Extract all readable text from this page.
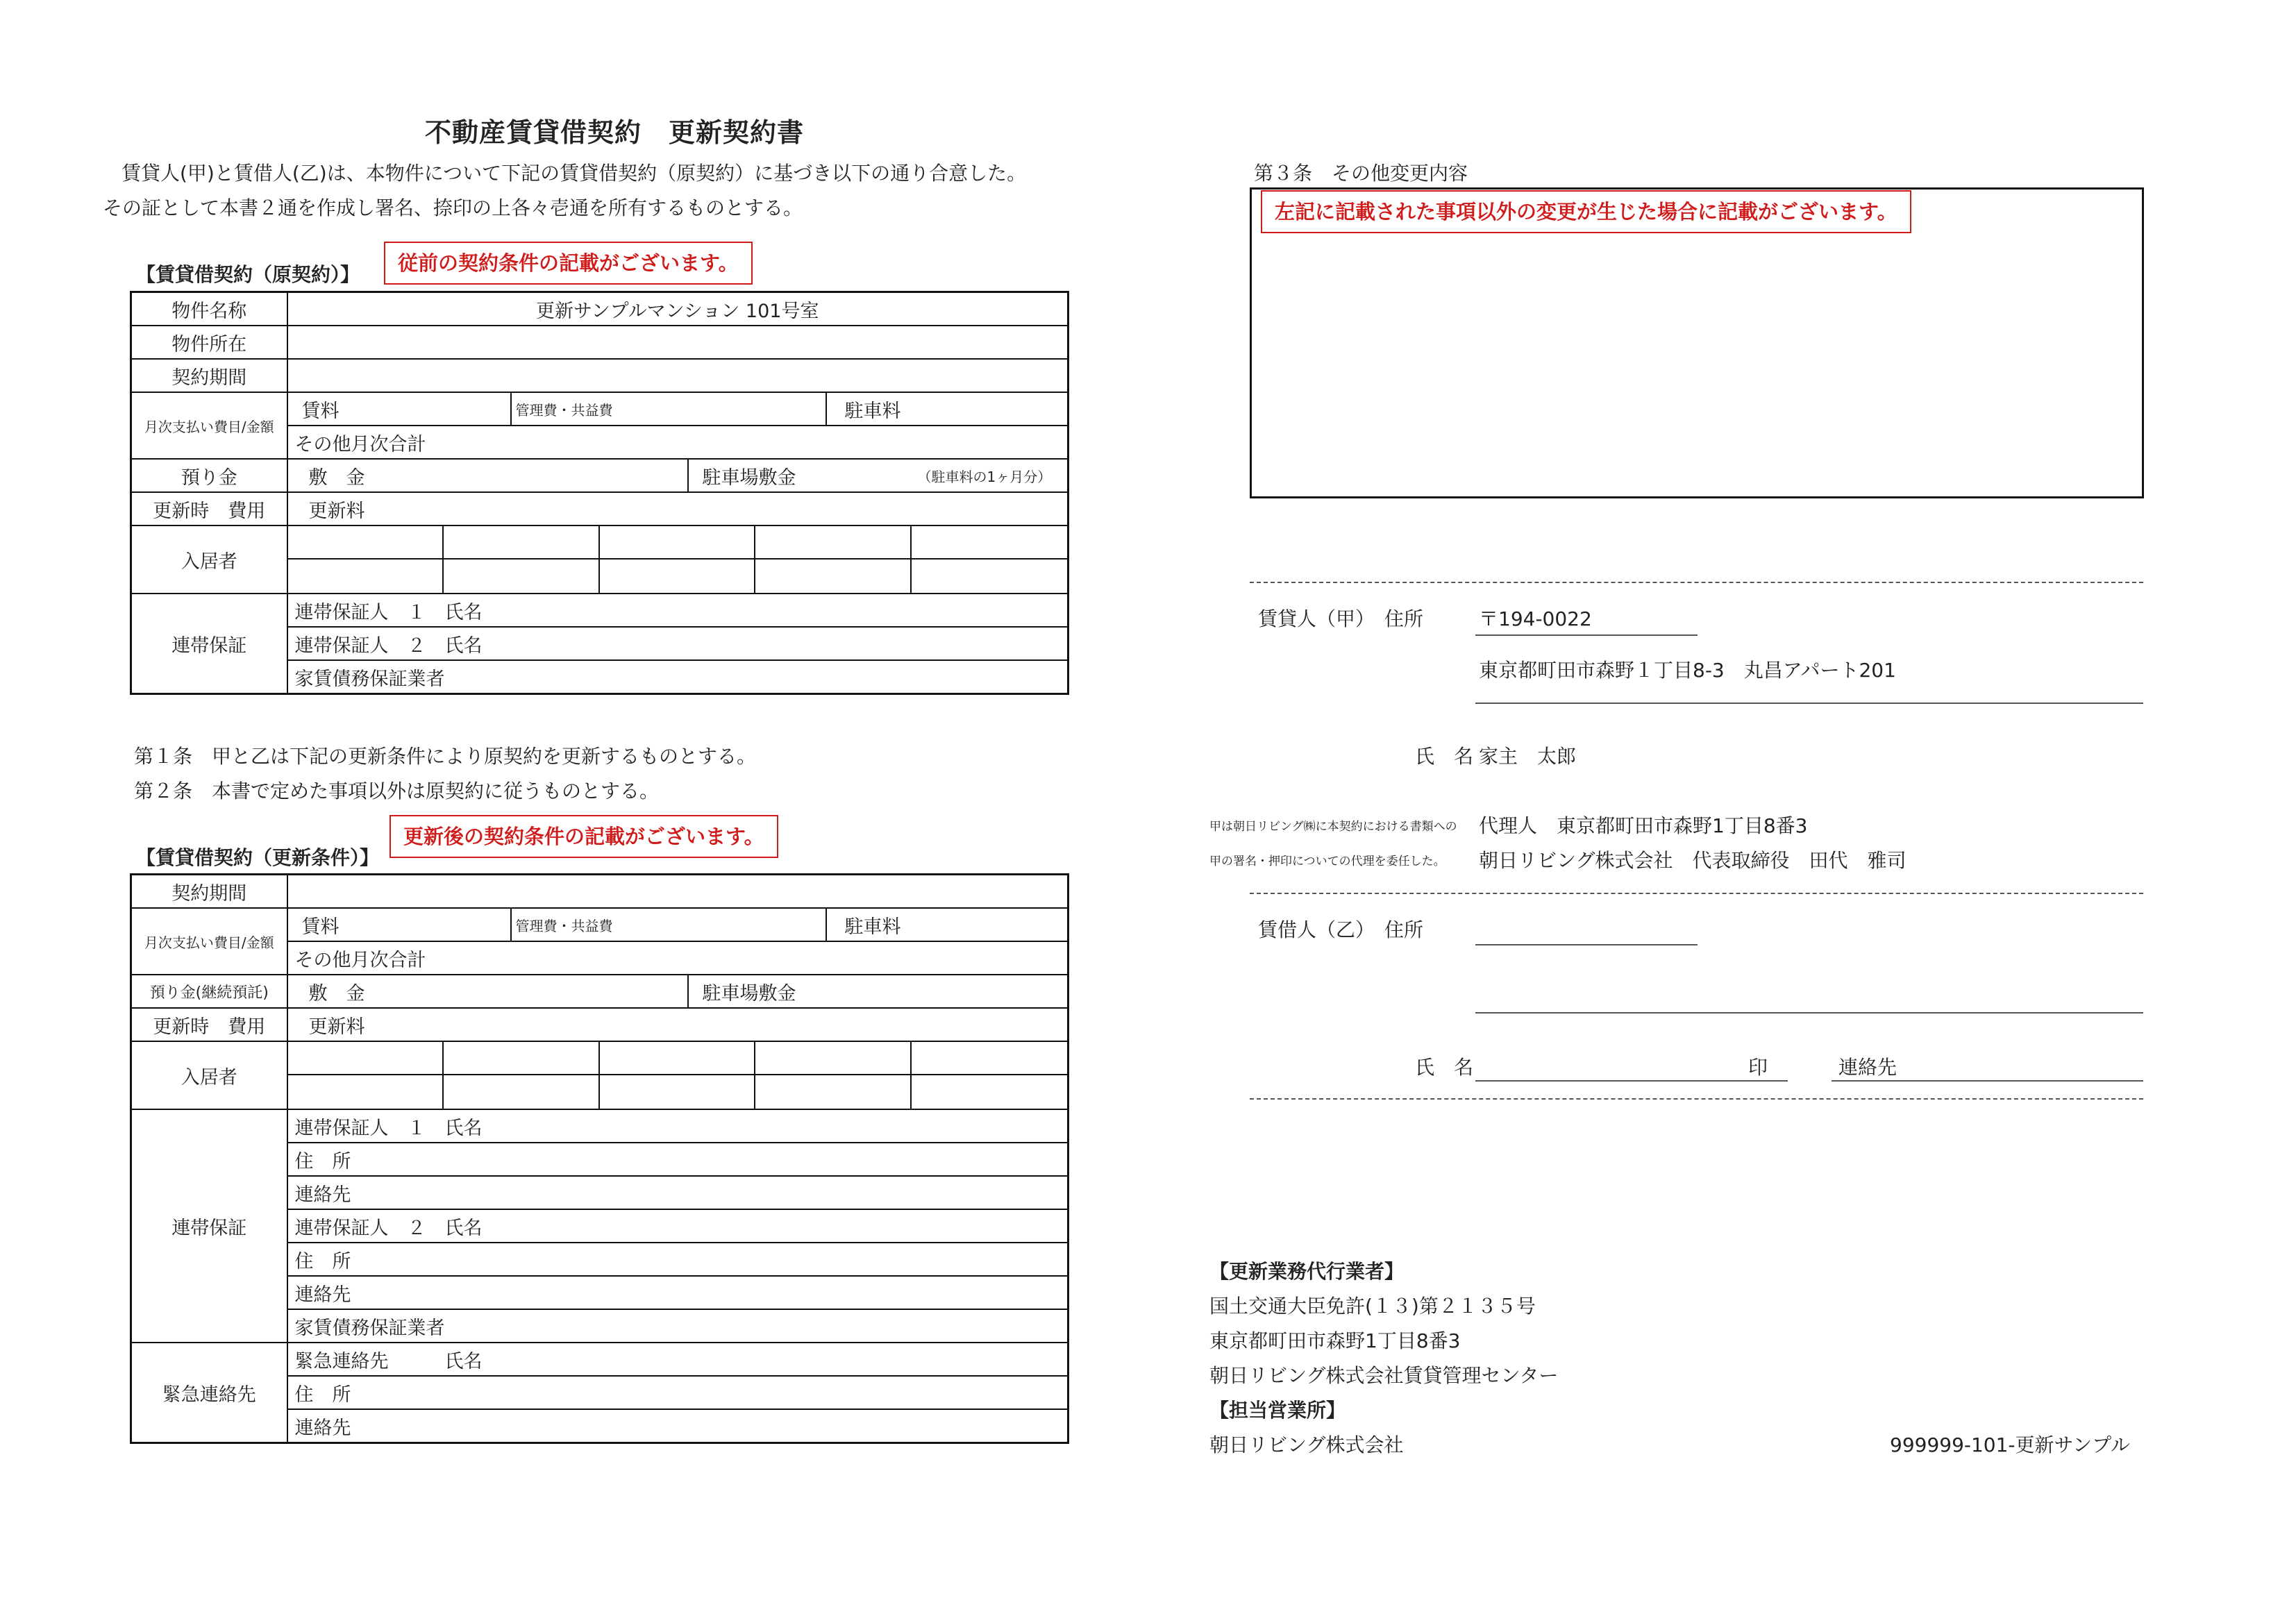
不動産賃貸借契約　更新契約書
賃貸人(甲)と賃借人(乙)は、本物件について下記の賃貸借契約（原契約）に基づき以下の通り合意した。
その証として本書２通を作成し署名、捺印の上各々壱通を所有するものとする。
【賃貸借契約（原契約）】	従前の契約条件の記載がございます。
物件名称	更新サンプルマンション 101号室
物件所在	
契約期間	
月次支払い費目/金額	賃料 管理費・共益費 駐車料

	その他月次合計
預り金	敷　金 駐車場敷金 （駐車料の1ヶ月分）

更新時　費用	更新料
入居者	

連帯保証	連帯保証人　１　氏名
	連帯保証人　２　氏名
	家賃債務保証業者
第１条　甲と乙は下記の更新条件により原契約を更新するものとする。
第２条　本書で定めた事項以外は原契約に従うものとする。
【賃貸借契約（更新条件）】
更新後の契約条件の記載がございます。
契約期間	
月次支払い費目/金額	賃料 管理費・共益費 駐車料

	その他月次合計
預り金(継続預託)	敷　金 駐車場敷金

更新時　費用	更新料
入居者	

連帯保証	連帯保証人　１　氏名
	住　所
	連絡先
	連帯保証人　２　氏名
	住　所
	連絡先
	家賃債務保証業者
緊急連絡先	緊急連絡先　　　氏名
	住　所
	連絡先
第３条　その他変更内容
左記に記載された事項以外の変更が生じた場合に記載がございます。
賃貸人（甲）　住所	〒194-0022
東京都町田市森野１丁目8-3　丸昌アパート201
氏　名 家主　太郎
甲は朝日リビング㈱に本契約における書類への
甲の署名・押印についての代理を委任した。
代理人　東京都町田市森野1丁目8番3
朝日リビング株式会社　代表取締役　田代　雅司
賃借人（乙）　住所
氏　名	印	連絡先
【更新業務代行業者】
国土交通大臣免許(１３)第２１３５号
東京都町田市森野1丁目8番3
朝日リビング株式会社賃貸管理センター
【担当営業所】
朝日リビング株式会社	999999-101-更新サンプル
